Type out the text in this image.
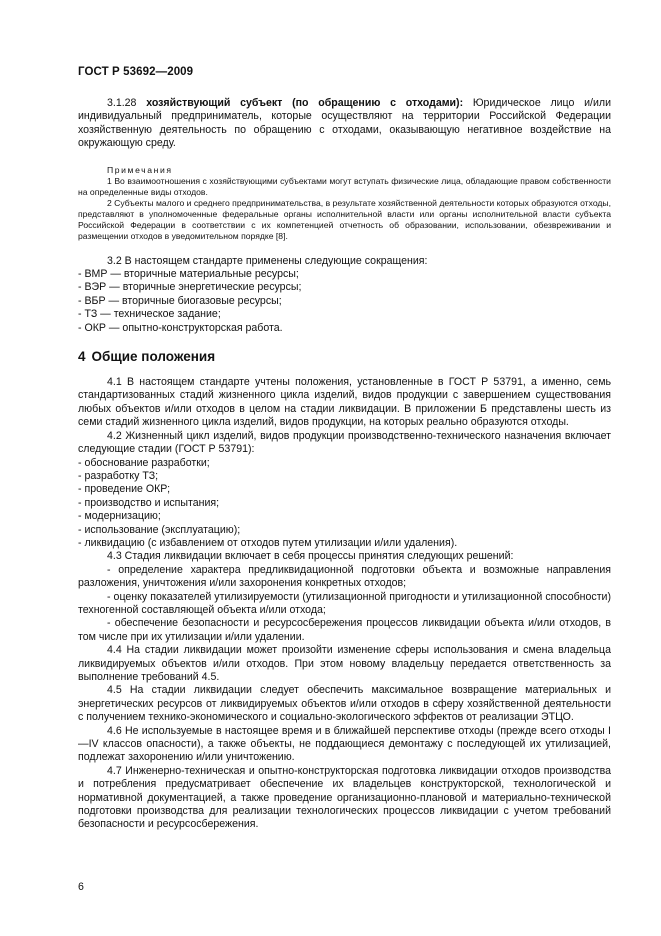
ГОСТ Р 53692—2009

3.1.28 хозяйствующий субъект (по обращению с отходами): Юридическое лицо и/или индивидуальный предприниматель, которые осуществляют на территории Российской Федерации хозяйственную деятельность по обращению с отходами, оказывающую негативное воздействие на окружающую среду.

Примечания

1 Во взаимоотношения с хозяйствующими субъектами могут вступать физические лица, обладающие правом собственности на определенные виды отходов.

2 Субъекты малого и среднего предпринимательства, в результате хозяйственной деятельности которых образуются отходы, представляют в уполномоченные федеральные органы исполнительной власти или органы исполнительной власти субъекта Российской Федерации в соответствии с их компетенцией отчетность об образовании, использовании, обезвреживании и размещении отходов в уведомительном порядке [8].

3.2 В настоящем стандарте применены следующие сокращения:

- ВМР — вторичные материальные ресурсы;

- ВЭР — вторичные энергетические ресурсы;

- ВБР — вторичные биогазовые ресурсы;

- ТЗ — техническое задание;

- ОКР — опытно-конструкторская работа.

4 Общие положения

4.1 В настоящем стандарте учтены положения, установленные в ГОСТ Р 53791, а именно, семь стандартизованных стадий жизненного цикла изделий, видов продукции с завершением существования любых объектов и/или отходов в целом на стадии ликвидации. В приложении Б представлены шесть из семи стадий жизненного цикла изделий, видов продукции, на которых реально образуются отходы.

4.2 Жизненный цикл изделий, видов продукции производственно-технического назначения включает следующие стадии (ГОСТ Р 53791):

- обоснование разработки;

- разработку ТЗ;

- проведение ОКР;

- производство и испытания;

- модернизацию;

- использование (эксплуатацию);

- ликвидацию (с избавлением от отходов путем утилизации и/или удаления).

4.3 Стадия ликвидации включает в себя процессы принятия следующих решений:

- определение характера предликвидационной подготовки объекта и возможные направления разложения, уничтожения и/или захоронения конкретных отходов;

- оценку показателей утилизируемости (утилизационной пригодности и утилизационной способности) техногенной составляющей объекта и/или отхода;

- обеспечение безопасности и ресурсосбережения процессов ликвидации объекта и/или отходов, в том числе при их утилизации и/или удалении.

4.4 На стадии ликвидации может произойти изменение сферы использования и смена владельца ликвидируемых объектов и/или отходов. При этом новому владельцу передается ответственность за выполнение требований 4.5.

4.5 На стадии ликвидации следует обеспечить максимальное возвращение материальных и энергетических ресурсов от ликвидируемых объектов и/или отходов в сферу хозяйственной деятельности с получением технико-экономического и социально-экологического эффектов от реализации ЭТЦО.

4.6 Не используемые в настоящее время и в ближайшей перспективе отходы (прежде всего отходы I—IV классов опасности), а также объекты, не поддающиеся демонтажу с последующей их утилизацией, подлежат захоронению и/или уничтожению.

4.7 Инженерно-техническая и опытно-конструкторская подготовка ликвидации отходов производства и потребления предусматривает обеспечение их владельцев конструкторской, технологической и нормативной документацией, а также проведение организационно-плановой и материально-технической подготовки производства для реализации технологических процессов ликвидации с учетом требований безопасности и ресурсосбережения.

6
